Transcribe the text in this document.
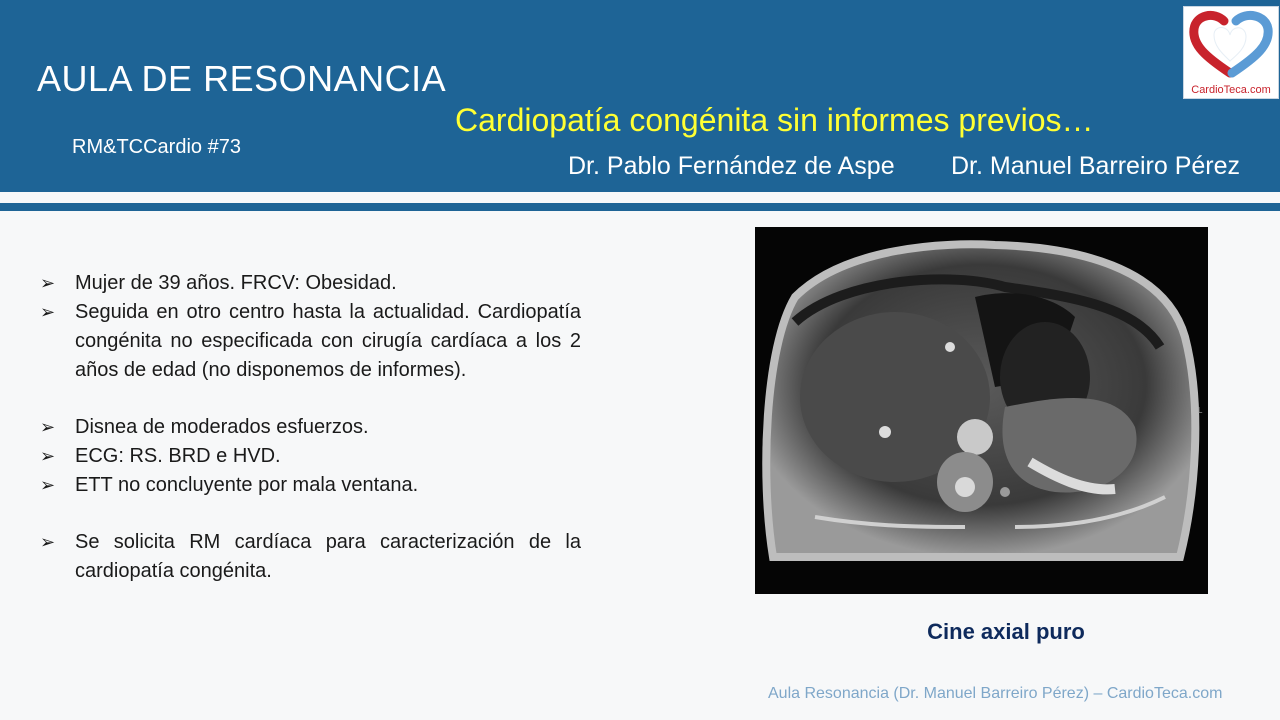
AULA DE RESONANCIA
RM&TCCardio #73
Cardiopatía congénita sin informes previos…
Dr. Pablo Fernández de Aspe Dr. Manuel Barreiro Pérez
CardioTeca.com
➢ Mujer de 39 años. FRCV: Obesidad.
➢ Seguida en otro centro hasta la actualidad. Cardiopatía congénita no especificada con cirugía cardíaca a los 2 años de edad (no disponemos de informes).
➢ Disnea de moderados esfuerzos.
➢ ECG: RS. BRD e HVD.
➢ ETT no concluyente por mala ventana.
➢ Se solicita RM cardíaca para caracterización de la cardiopatía congénita.
L
Cine axial puro
Aula Resonancia (Dr. Manuel Barreiro Pérez) – CardioTeca.com
